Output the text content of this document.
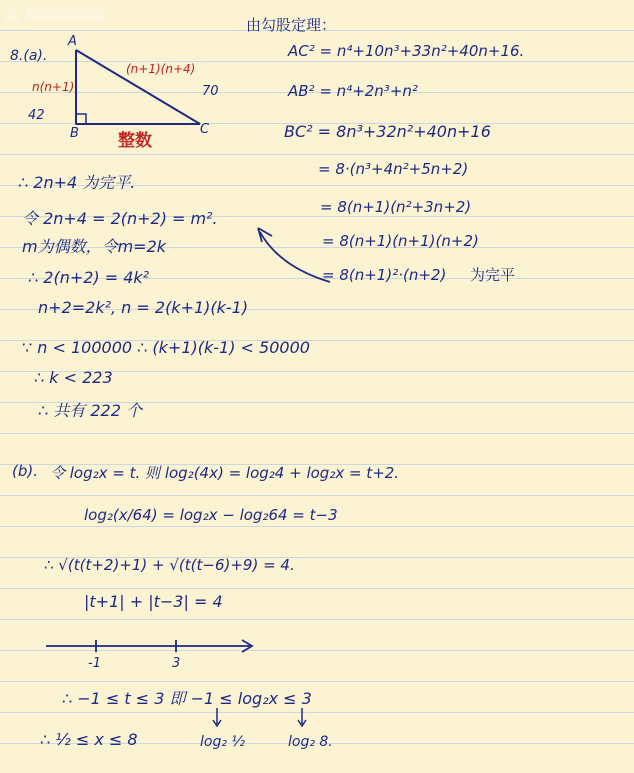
8.(a).
A
B	C
n(n+1)
42
(n+1)(n+4)
70
整数
由勾股定理：
AC² = n⁴+10n³+33n²+40n+16.
AB² = n⁴+2n³+n²
BC² = 8n³+32n²+40n+16
= 8·(n³+4n²+5n+2)
= 8(n+1)(n²+3n+2)
= 8(n+1)(n+1)(n+2)
= 8(n+1)²·(n+2) 为完平
∴ 2n+4 为完平.
令 2n+4 = 2(n+2) = m².
m为偶数，令m=2k
∴ 2(n+2) = 4k²
n+2=2k², n = 2(k+1)(k-1)
∵ n < 100000 ∴ (k+1)(k-1) < 50000
∴ k < 223
∴ 共有 222 个
(b). 令 log₂x = t. 则 log₂(4x) = log₂4 + log₂x = t+2.
log₂(x/64) = log₂x − log₂64 = t−3
∴ √(t(t+2)+1) + √(t(t−6)+9) = 4.
|t+1| + |t−3| = 4
-1	3
∴ −1 ≤ t ≤ 3 即 −1 ≤ log₂x ≤ 3
∴ ½ ≤ x ≤ 8	log₂ ½	log₂ 8.
